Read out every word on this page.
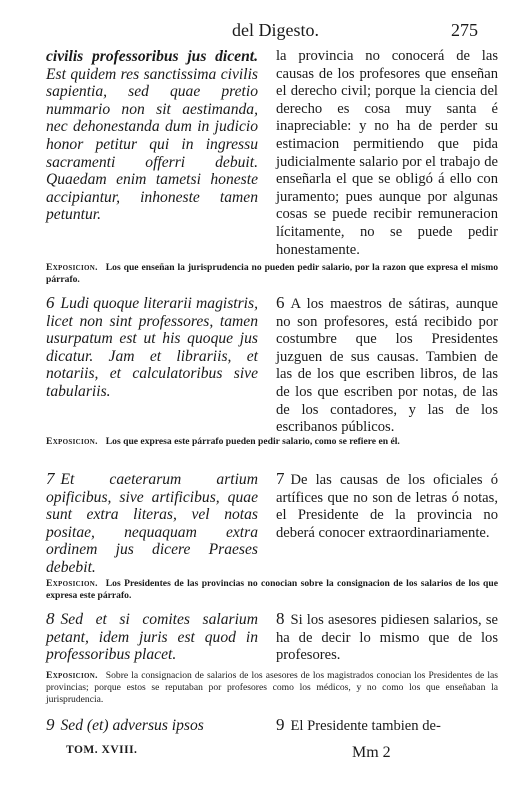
del Digesto.	275
civilis professoribus jus dicent. Est quidem res sanctissima civilis sapientia, sed quae pretio nummario non sit aestimanda, nec dehonestanda dum in judicio honor petitur qui in ingressu sacramenti offerri debuit. Quaedam enim tametsi honeste accipiantur, inhoneste tamen petuntur.
la provincia no conocerá de las causas de los profesores que enseñan el derecho civil; porque la ciencia del derecho es cosa muy santa é inapreciable: y no ha de perder su estimacion permitiendo que pida judicialmente salario por el trabajo de enseñarla el que se obligó á ello con juramento; pues aunque por algunas cosas se puede recibir remuneracion lícitamente, no se puede pedir honestamente.
Exposicion. Los que enseñan la jurisprudencia no pueden pedir salario, por la razon que expresa el mismo párrafo.
6 Ludi quoque literarii magistris, licet non sint professores, tamen usurpatum est ut his quoque jus dicatur. Jam et librariis, et notariis, et calculatoribus sive tabulariis.
6 A los maestros de sátiras, aunque no son profesores, está recibido por costumbre que los Presidentes juzguen de sus causas. Tambien de las de los que escriben libros, de las de los que escriben por notas, de las de los contadores, y las de los escribanos públicos.
Exposicion. Los que expresa este párrafo pueden pedir salario, como se refiere en él.
7 Et caeterarum artium opificibus, sive artificibus, quae sunt extra literas, vel notas positae, nequaquam extra ordinem jus dicere Praeses debebit.
7 De las causas de los oficiales ó artífices que no son de letras ó notas, el Presidente de la provincia no deberá conocer extraordinariamente.
Exposicion. Los Presidentes de las provincias no conocian sobre la consignacion de los salarios de los que expresa este párrafo.
8 Sed et si comites salarium petant, idem juris est quod in professoribus placet.
8 Si los asesores pidiesen salarios, se ha de decir lo mismo que de los profesores.
Exposicion. Sobre la consignacion de salarios de los asesores de los magistrados conocian los Presidentes de las provincias; porque estos se reputaban por profesores como los médicos, y no como los que enseñaban la jurisprudencia.
9 Sed (et) adversus ipsos	9 El Presidente tambien de-
TOM. XVIII.	Mm 2
